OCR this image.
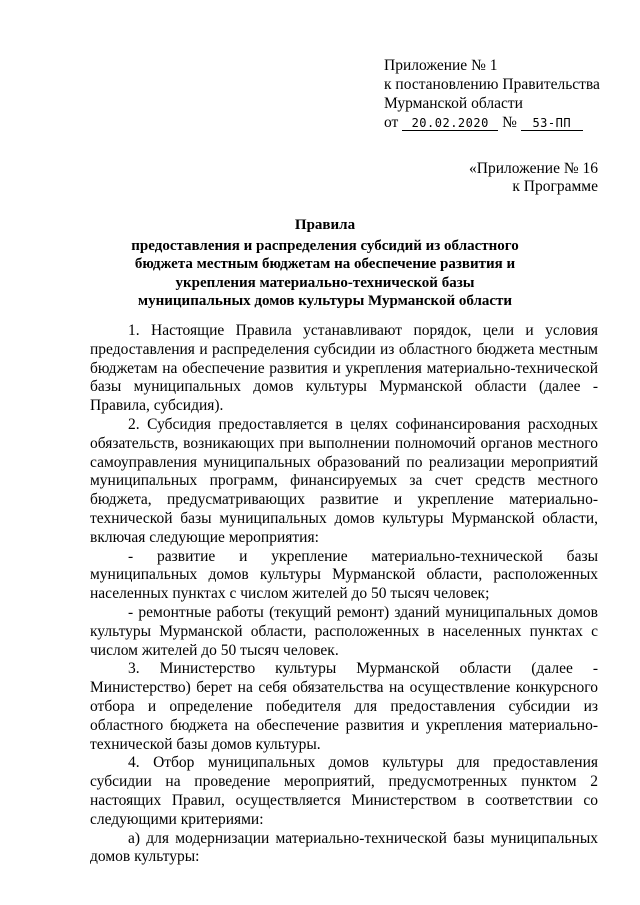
Приложение № 1
к постановлению Правительства
Мурманской области
от 20.02.2020 № 53-ПП
«Приложение № 16
к Программе
Правила
предоставления и распределения субсидий из областного бюджета местным бюджетам на обеспечение развития и укрепления материально-технической базы муниципальных домов культуры Мурманской области

1. Настоящие Правила устанавливают порядок, цели и условия предоставления и распределения субсидии из областного бюджета местным бюджетам на обеспечение развития и укрепления материально-технической базы муниципальных домов культуры Мурманской области (далее - Правила, субсидия).

2. Субсидия предоставляется в целях софинансирования расходных обязательств, возникающих при выполнении полномочий органов местного самоуправления муниципальных образований по реализации мероприятий муниципальных программ, финансируемых за счет средств местного бюджета, предусматривающих развитие и укрепление материально-технической базы муниципальных домов культуры Мурманской области, включая следующие мероприятия:

- развитие и укрепление материально-технической базы муниципальных домов культуры Мурманской области, расположенных населенных пунктах с числом жителей до 50 тысяч человек;

- ремонтные работы (текущий ремонт) зданий муниципальных домов культуры Мурманской области, расположенных в населенных пунктах с числом жителей до 50 тысяч человек.

3. Министерство культуры Мурманской области (далее - Министерство) берет на себя обязательства на осуществление конкурсного отбора и определение победителя для предоставления субсидии из областного бюджета на обеспечение развития и укрепления материально-технической базы домов культуры.

4. Отбор муниципальных домов культуры для предоставления субсидии на проведение мероприятий, предусмотренных пунктом 2 настоящих Правил, осуществляется Министерством в соответствии со следующими критериями:

а) для модернизации материально-технической базы муниципальных домов культуры:
